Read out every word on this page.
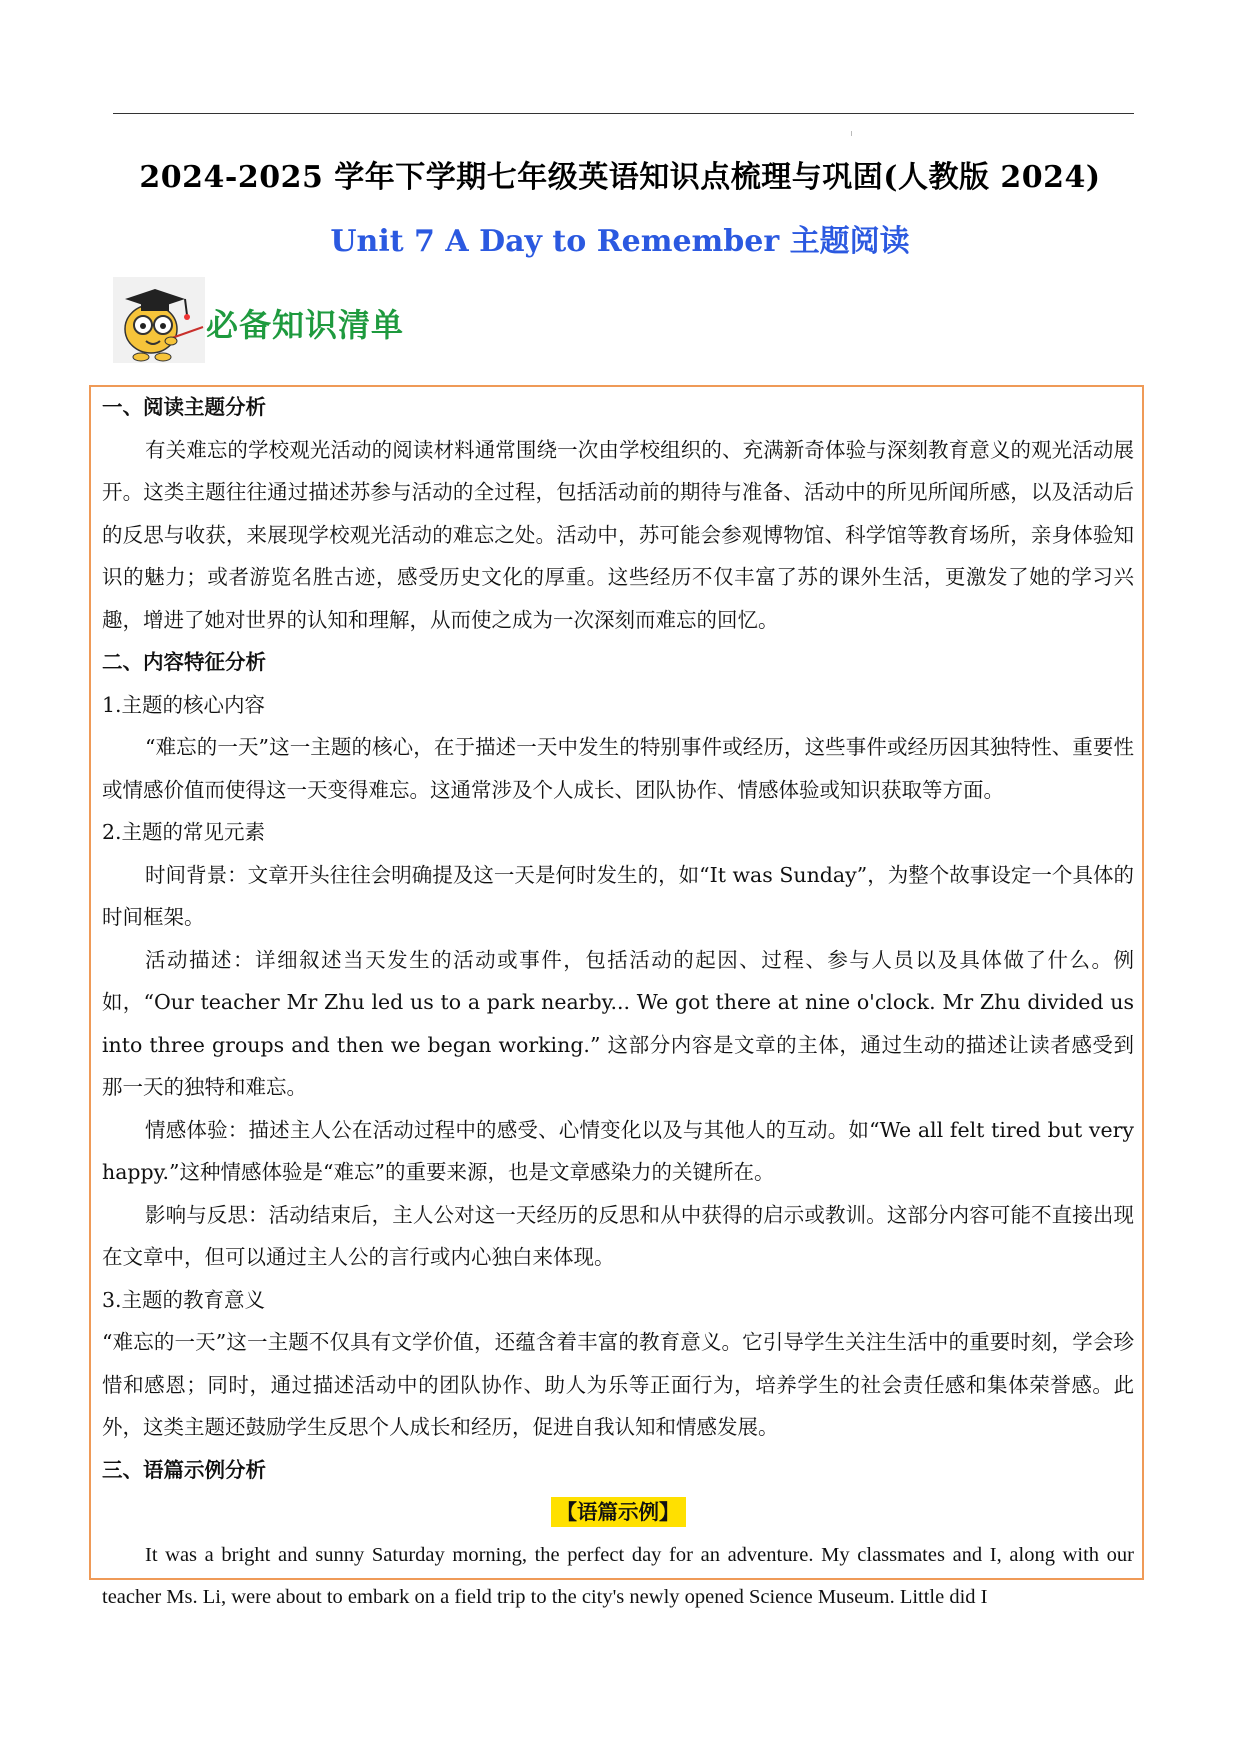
2024-2025 学年下学期七年级英语知识点梳理与巩固(人教版 2024)
Unit 7 A Day to Remember 主题阅读
必备知识清单

一、阅读主题分析

有关难忘的学校观光活动的阅读材料通常围绕一次由学校组织的、充满新奇体验与深刻教育意义的观光活动展开。这类主题往往通过描述苏参与活动的全过程，包括活动前的期待与准备、活动中的所见所闻所感，以及活动后的反思与收获，来展现学校观光活动的难忘之处。活动中，苏可能会参观博物馆、科学馆等教育场所，亲身体验知识的魅力；或者游览名胜古迹，感受历史文化的厚重。这些经历不仅丰富了苏的课外生活，更激发了她的学习兴趣，增进了她对世界的认知和理解，从而使之成为一次深刻而难忘的回忆。

二、内容特征分析

1.主题的核心内容

“难忘的一天”这一主题的核心，在于描述一天中发生的特别事件或经历，这些事件或经历因其独特性、重要性或情感价值而使得这一天变得难忘。这通常涉及个人成长、团队协作、情感体验或知识获取等方面。

2.主题的常见元素

时间背景：文章开头往往会明确提及这一天是何时发生的，如“It was Sunday”，为整个故事设定一个具体的时间框架。

活动描述：详细叙述当天发生的活动或事件，包括活动的起因、过程、参与人员以及具体做了什么。例如，“Our teacher Mr Zhu led us to a park nearby... We got there at nine o'clock. Mr Zhu divided us into three groups and then we began working.” 这部分内容是文章的主体，通过生动的描述让读者感受到那一天的独特和难忘。

情感体验：描述主人公在活动过程中的感受、心情变化以及与其他人的互动。如“We all felt tired but very happy.”这种情感体验是“难忘”的重要来源，也是文章感染力的关键所在。

影响与反思：活动结束后，主人公对这一天经历的反思和从中获得的启示或教训。这部分内容可能不直接出现在文章中，但可以通过主人公的言行或内心独白来体现。

3.主题的教育意义

“难忘的一天”这一主题不仅具有文学价值，还蕴含着丰富的教育意义。它引导学生关注生活中的重要时刻，学会珍惜和感恩；同时，通过描述活动中的团队协作、助人为乐等正面行为，培养学生的社会责任感和集体荣誉感。此外，这类主题还鼓励学生反思个人成长和经历，促进自我认知和情感发展。

三、语篇示例分析

【语篇示例】

It was a bright and sunny Saturday morning, the perfect day for an adventure. My classmates and I, along with our teacher Ms. Li, were about to embark on a field trip to the city's newly opened Science Museum. Little did I
